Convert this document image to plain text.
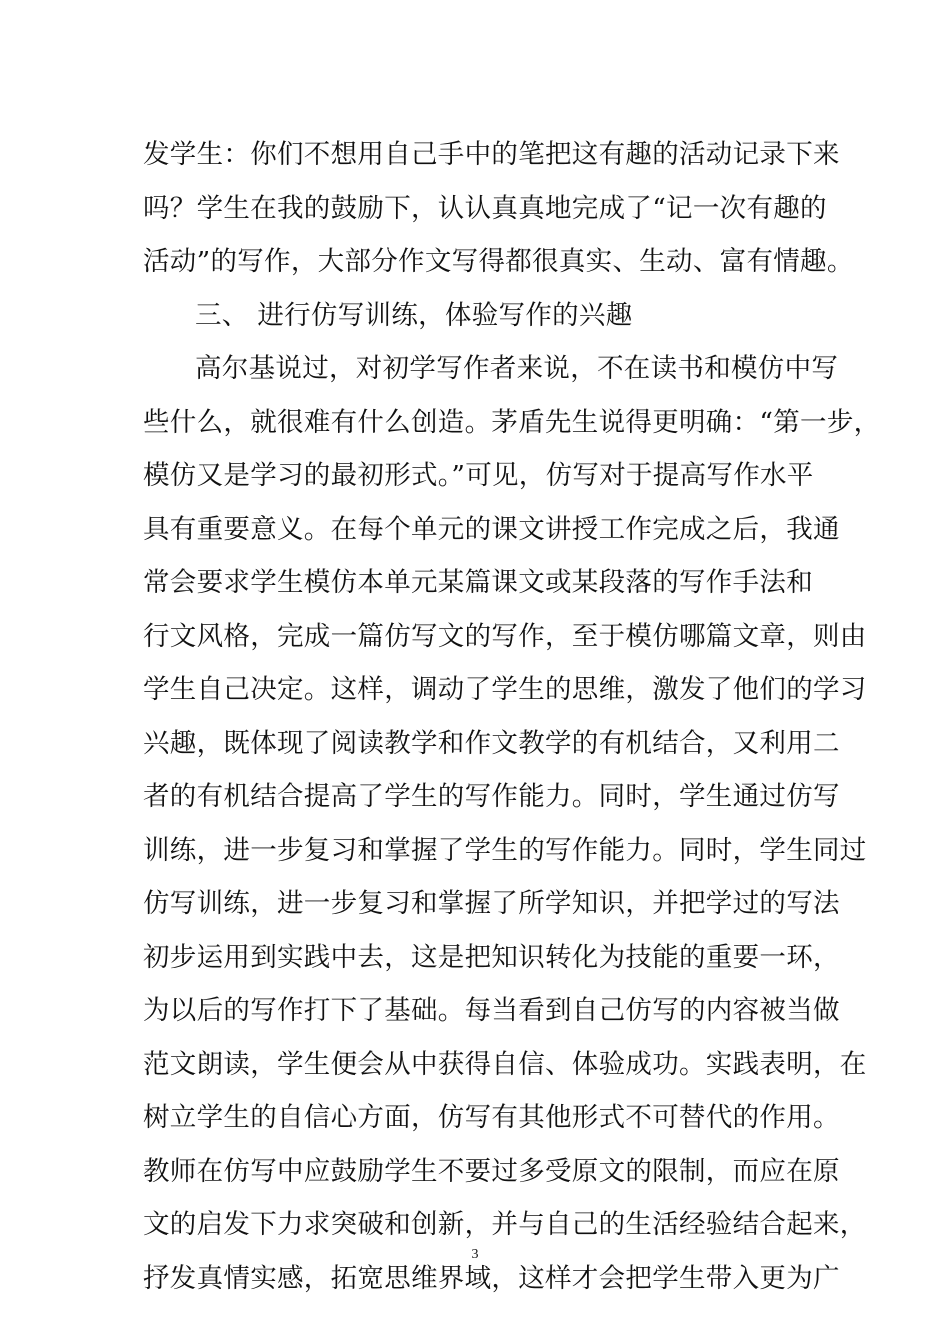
发学生：你们不想用自己手中的笔把这有趣的活动记录下来
吗？学生在我的鼓励下，认认真真地完成了“记一次有趣的
活动”的写作，大部分作文写得都很真实、生动、富有情趣。
三、 进行仿写训练，体验写作的兴趣
高尔基说过，对初学写作者来说，不在读书和模仿中写
些什么，就很难有什么创造。茅盾先生说得更明确：“第一步，
模仿又是学习的最初形式。”可见，仿写对于提高写作水平
具有重要意义。在每个单元的课文讲授工作完成之后，我通
常会要求学生模仿本单元某篇课文或某段落的写作手法和
行文风格，完成一篇仿写文的写作，至于模仿哪篇文章，则由
学生自己决定。这样，调动了学生的思维，激发了他们的学习
兴趣，既体现了阅读教学和作文教学的有机结合，又利用二
者的有机结合提高了学生的写作能力。同时，学生通过仿写
训练，进一步复习和掌握了学生的写作能力。同时，学生同过
仿写训练，进一步复习和掌握了所学知识，并把学过的写法
初步运用到实践中去，这是把知识转化为技能的重要一环，
为以后的写作打下了基础。每当看到自己仿写的内容被当做
范文朗读，学生便会从中获得自信、体验成功。实践表明，在
树立学生的自信心方面，仿写有其他形式不可替代的作用。
教师在仿写中应鼓励学生不要过多受原文的限制，而应在原
文的启发下力求突破和创新，并与自己的生活经验结合起来，
抒发真情实感，拓宽思维界域，这样才会把学生带入更为广
3
